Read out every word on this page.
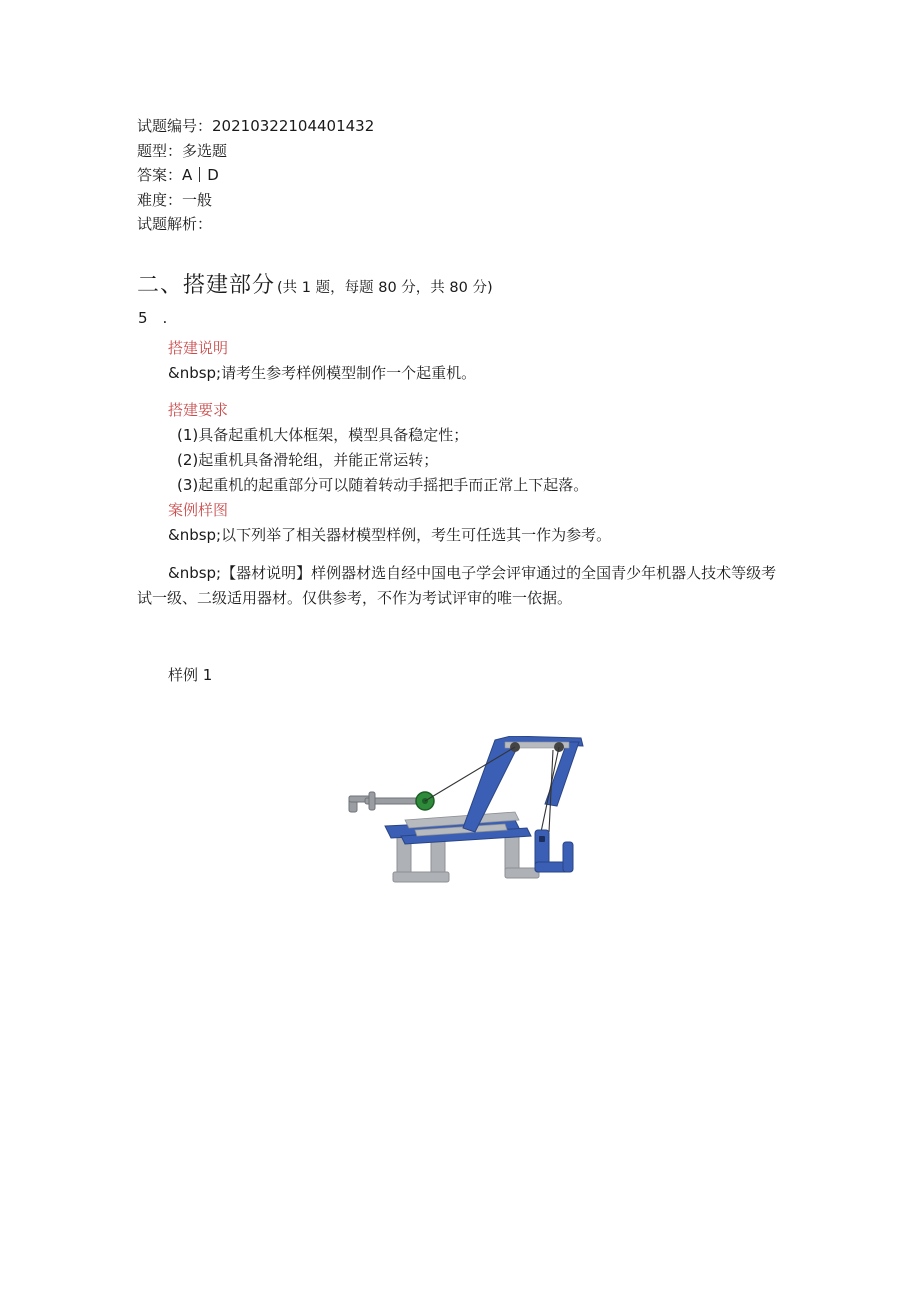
试题编号：20210322104401432
题型：多选题
答案：A D
难度：一般
试题解析：
二、搭建部分 (共 1 题，每题 80 分，共 80 分)
5　.
搭建说明
&nbsp;请考生参考样例模型制作一个起重机。
搭建要求
(1)具备起重机大体框架，模型具备稳定性；
(2)起重机具备滑轮组，并能正常运转；
(3)起重机的起重部分可以随着转动手摇把手而正常上下起落。
案例样图
&nbsp;以下列举了相关器材模型样例，考生可任选其一作为参考。
&nbsp;【器材说明】样例器材选自经中国电子学会评审通过的全国青少年机器人技术等级考
试一级、二级适用器材。仅供参考，不作为考试评审的唯一依据。
样例 1
